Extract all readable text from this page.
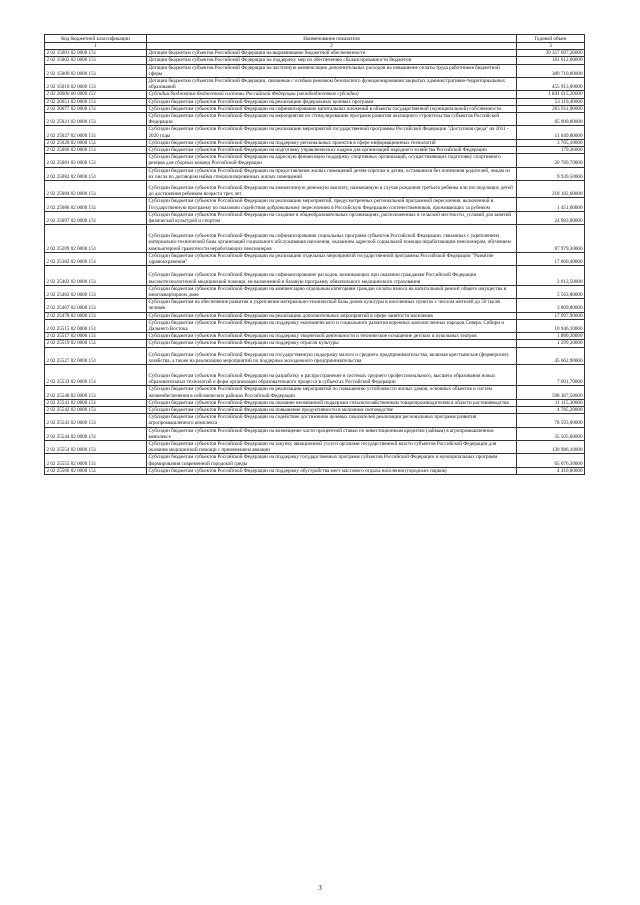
Код бюджетной классификации	Наименование показателя	Годовой объем
1	2	3
2 02 15001 02 0000 151	Дотации бюджетам субъектов Российской Федерации на выравнивание бюджетной обеспеченности	39 357 697,20000
2 02 15002 02 0000 151	Дотации бюджетам субъектов Российской Федерации на поддержку мер по обеспечению сбалансированности бюджетов	181 012,00000
2 02 15009 02 0000 151	Дотации бюджетам субъектов Российской Федерации на частичную компенсацию дополнительных расходов на повышение оплаты труда работников бюджетной сферы	389 710,00000
2 02 15010 02 0000 151	Дотации бюджетам субъектов Российской Федерации, связанные с особым режимом безопасного функционирования закрытых административно-территориальных образований	455 913,00000
2 02 20000 00 0000 151	Субсидии бюджетам бюджетной системы Российской Федерации (межбюджетные субсидии)	1 841 015,20000
2 02 20051 02 0000 151	Субсидии бюджетам субъектов Российской Федерации на реализацию федеральных целевых программ	53 119,40000
2 02 20077 02 0000 151	Субсидии бюджетам субъектов Российской Федерации на софинансирование капитальных вложений в объекты государственной (муниципальной) собственности	265 911,90000
2 02 25021 02 0000 151	Субсидии бюджетам субъектов Российской Федерации на мероприятия по стимулированию программ развития жилищного строительства субъектов Российской Федерации	85 900,00000
2 02 25027 02 0000 151	Субсидии бюджетам субъектов Российской Федерации на реализацию мероприятий государственной программы Российской Федерации "Доступная среда" на 2011 - 2020 годы	11 049,80000
2 02 25028 02 0000 151	Субсидии бюджетам субъектов Российской Федерации на поддержку региональных проектов в сфере информационных технологий	3 705,10000
2 02 25066 02 0000 151	Субсидии бюджетам субъектов Российской Федерации на подготовку управленческих кадров для организаций народного хозяйства Российской Федерации	179,36000
2 02 25081 02 0000 151	Субсидии бюджетам субъектов Российской Федерации на адресную финансовую поддержку спортивных организаций, осуществляющих подготовку спортивного резерва для сборных команд Российской Федерации	20 789,70000
2 02 25082 02 0000 151	Субсидии бюджетам субъектов Российской Федерации на предоставление жилых помещений детям-сиротам и детям, оставшимся без попечения родителей, лицам из их числа по договорам найма специализированных жилых помещений	9 939,50000
2 02 25084 02 0000 151	Субсидии бюджетам субъектов Российской Федерации на ежемесячную денежную выплату, назначаемую в случае рождения третьего ребенка или последующих детей до достижения ребенком возраста трех лет	218 182,60000
2 02 25086 02 0000 151	Субсидии бюджетам субъектов Российской Федерации на реализацию мероприятий, предусмотренных региональной программой переселения, включенной в Государственную программу по оказанию содействия добровольному переселению в Российскую Федерацию соотечественников, проживающих за рубежом	1 451,00000
2 02 25097 02 0000 151	Субсидии бюджетам субъектов Российской Федерации на создание в общеобразовательных организациях, расположенных в сельской местности, условий для занятий физической культурой и спортом	24 983,00000
2 02 25209 02 0000 151	Субсидии бюджетам субъектов Российской Федерации на софинансирование социальных программ субъектов Российской Федерации, связанных с укреплением материально-технической базы организаций социального обслуживания населения, оказанием адресной социальной помощи неработающим пенсионерам, обучением компьютерной грамотности неработающих пенсионеров	87 979,30000
2 02 25382 02 0000 151	Субсидии бюджетам субъектов Российской Федерации на реализацию отдельных мероприятий государственной программы Российской Федерации "Развитие здравоохранения"	17 060,40000
2 02 25402 02 0000 151	Субсидии бюджетам субъектов Российской Федерации на софинансирование расходов, возникающих при оказании гражданам Российской Федерации высокотехнологичной медицинской помощи, не включенной в базовую программу обязательного медицинского страхования	2 013,50000
2 02 25462 02 0000 151	Субсидии бюджетам субъектов Российской Федерации на компенсацию отдельным категориям граждан оплаты взноса на капитальный ремонт общего имущества в многоквартирном доме	5 563,80000
2 02 25467 02 0000 151	Субсидии бюджетам на обеспечение развития и укрепления материально-технической базы домов культуры в населенных пунктах с числом жителей до 50 тысяч человек	3 809,80000
2 02 25478 02 0000 151	Субсидии бюджетам субъектов Российской Федерации на реализацию дополнительных мероприятий в сфере занятости населения	17 997,90000
2 02 25515 02 0000 151	Субсидии бюджетам субъектов Российской Федерации на поддержку экономического и социального развития коренных малочисленных народов Севера, Сибири и Дальнего Востока	10 946,10000
2 02 25517 02 0000 151	Субсидии бюджетам субъектов Российской Федерации на поддержку творческой деятельности и техническое оснащение детских и кукольных театров	1 880,30000
2 02 25519 02 0000 151	Субсидии бюджетам субъектов Российской Федерации на поддержку отрасли культуры	1 299,30000
2 02 25527 02 0000 151	Субсидии бюджетам субъектов Российской Федерации на государственную поддержку малого и среднего предпринимательства, включая крестьянские (фермерские) хозяйства, а также на реализацию мероприятий по поддержке молодежного предпринимательства	45 662,90000
2 02 25533 02 0000 151	Субсидии бюджетам субъектов Российской Федерации на разработку и распространение в системах среднего профессионального, высшего образования новых образовательных технологий и форм организации образовательного процесса в субъектах Российской Федерации	7 601,70000
2 02 25540 02 0000 151	Субсидии бюджетам субъектов Российской Федерации на реализацию мероприятий по повышению устойчивости жилых домов, основных объектов и систем жизнеобеспечения в сейсмических районах Российской Федерации	598 367,50000
2 02 25541 02 0000 151	Субсидии бюджетам субъектов Российской Федерации на оказание несвязанной поддержки сельскохозяйственным товаропроизводителям в области растениеводства	11 115,30000
2 02 25542 02 0000 151	Субсидии бюджетам субъектов Российской Федерации на повышение продуктивности в молочном скотоводстве	4 785,20000
2 02 25543 02 0000 151	Субсидии бюджетам субъектов Российской Федерации на содействие достижению целевых показателей реализации региональных программ развития агропромышленного комплекса	78 593,00000
2 02 25544 02 0000 151	Субсидии бюджетам субъектов Российской Федерации на возмещение части процентной ставки по инвестиционным кредитам (займам) в агропромышленном комплексе	35 505,60000
2 02 25554 02 0000 151	Субсидии бюджетам субъектов Российской Федерации на закупку авиационной услуги органами государственной власти субъектов Российской Федерации для оказания медицинской помощи с применением авиации	130 986,10000
2 02 25555 02 0000 151	Субсидии бюджетам субъектов Российской Федерации на поддержку государственных программ субъектов Российской Федерации и муниципальных программ формирования современной городской среды	65 076,30000
2 02 25560 02 0000 151	Субсидии бюджетам субъектов Российской Федерации на поддержку обустройства мест массового отдыха населения (городских парков)	4 410,80000
3
